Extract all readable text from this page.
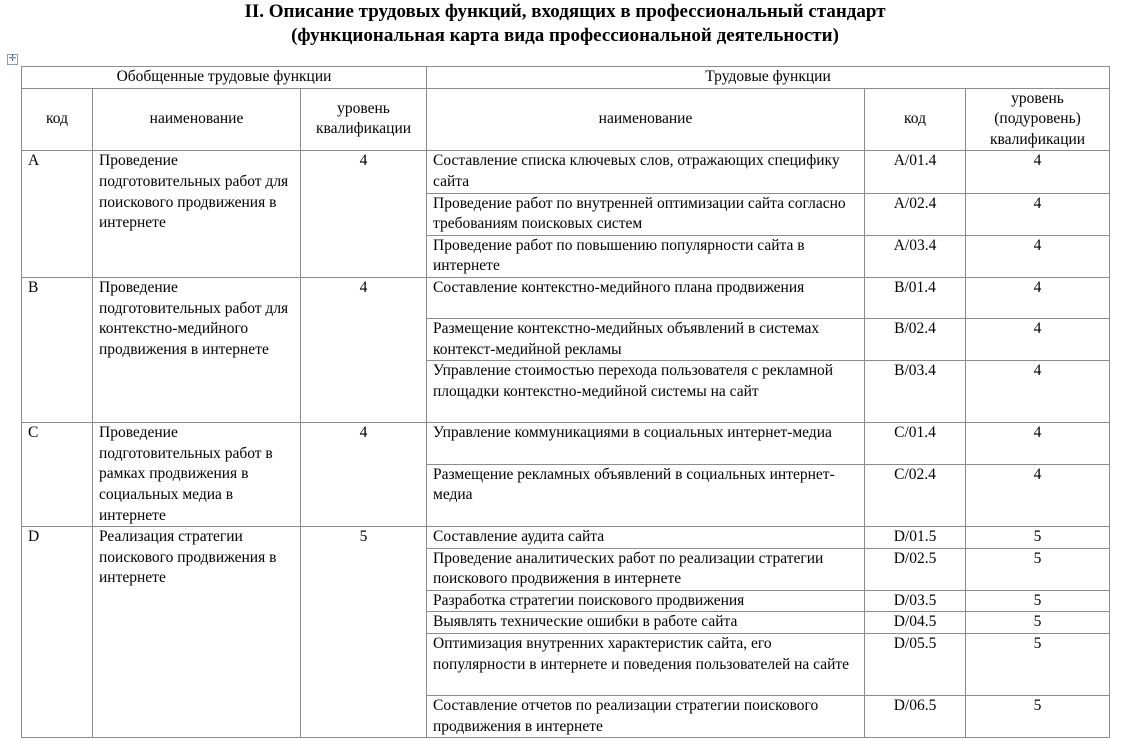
II. Описание трудовых функций, входящих в профессиональный стандарт
(функциональная карта вида профессиональной деятельности)
✛
Обобщенные трудовые функции			Трудовые функции		
код	наименование	уровень квалификации	наименование	код	уровень (подуровень) квалификации
A	Проведение подготовительных работ для поискового продвижения в интернете	4	Составление списка ключевых слов, отражающих специфику сайта	A/01.4	4
			Проведение работ по внутренней оптимизации сайта согласно требованиям поисковых систем	A/02.4	4
			Проведение работ по повышению популярности сайта в интернете	A/03.4	4
B	Проведение подготовительных работ для контекстно-медийного продвижения в интернете	4	Составление контекстно-медийного плана продвижения	B/01.4	4
			Размещение контекстно-медийных объявлений в системах контекст-медийной рекламы	B/02.4	4
			Управление стоимостью перехода пользователя с рекламной площадки контекстно-медийной системы на сайт	B/03.4	4
C	Проведение подготовительных работ в рамках продвижения в социальных медиа в интернете	4	Управление коммуникациями в социальных интернет-медиа	C/01.4	4
			Размещение рекламных объявлений в социальных интернет-медиа	C/02.4	4
D	Реализация стратегии поискового продвижения в интернете	5	Составление аудита сайта	D/01.5	5
			Проведение аналитических работ по реализации стратегии поискового продвижения в интернете	D/02.5	5
			Разработка стратегии поискового продвижения	D/03.5	5
			Выявлять технические ошибки в работе сайта	D/04.5	5
			Оптимизация внутренних характеристик сайта, его популярности в интернете и поведения пользователей на сайте	D/05.5	5
			Составление отчетов по реализации стратегии поискового продвижения в интернете	D/06.5	5
